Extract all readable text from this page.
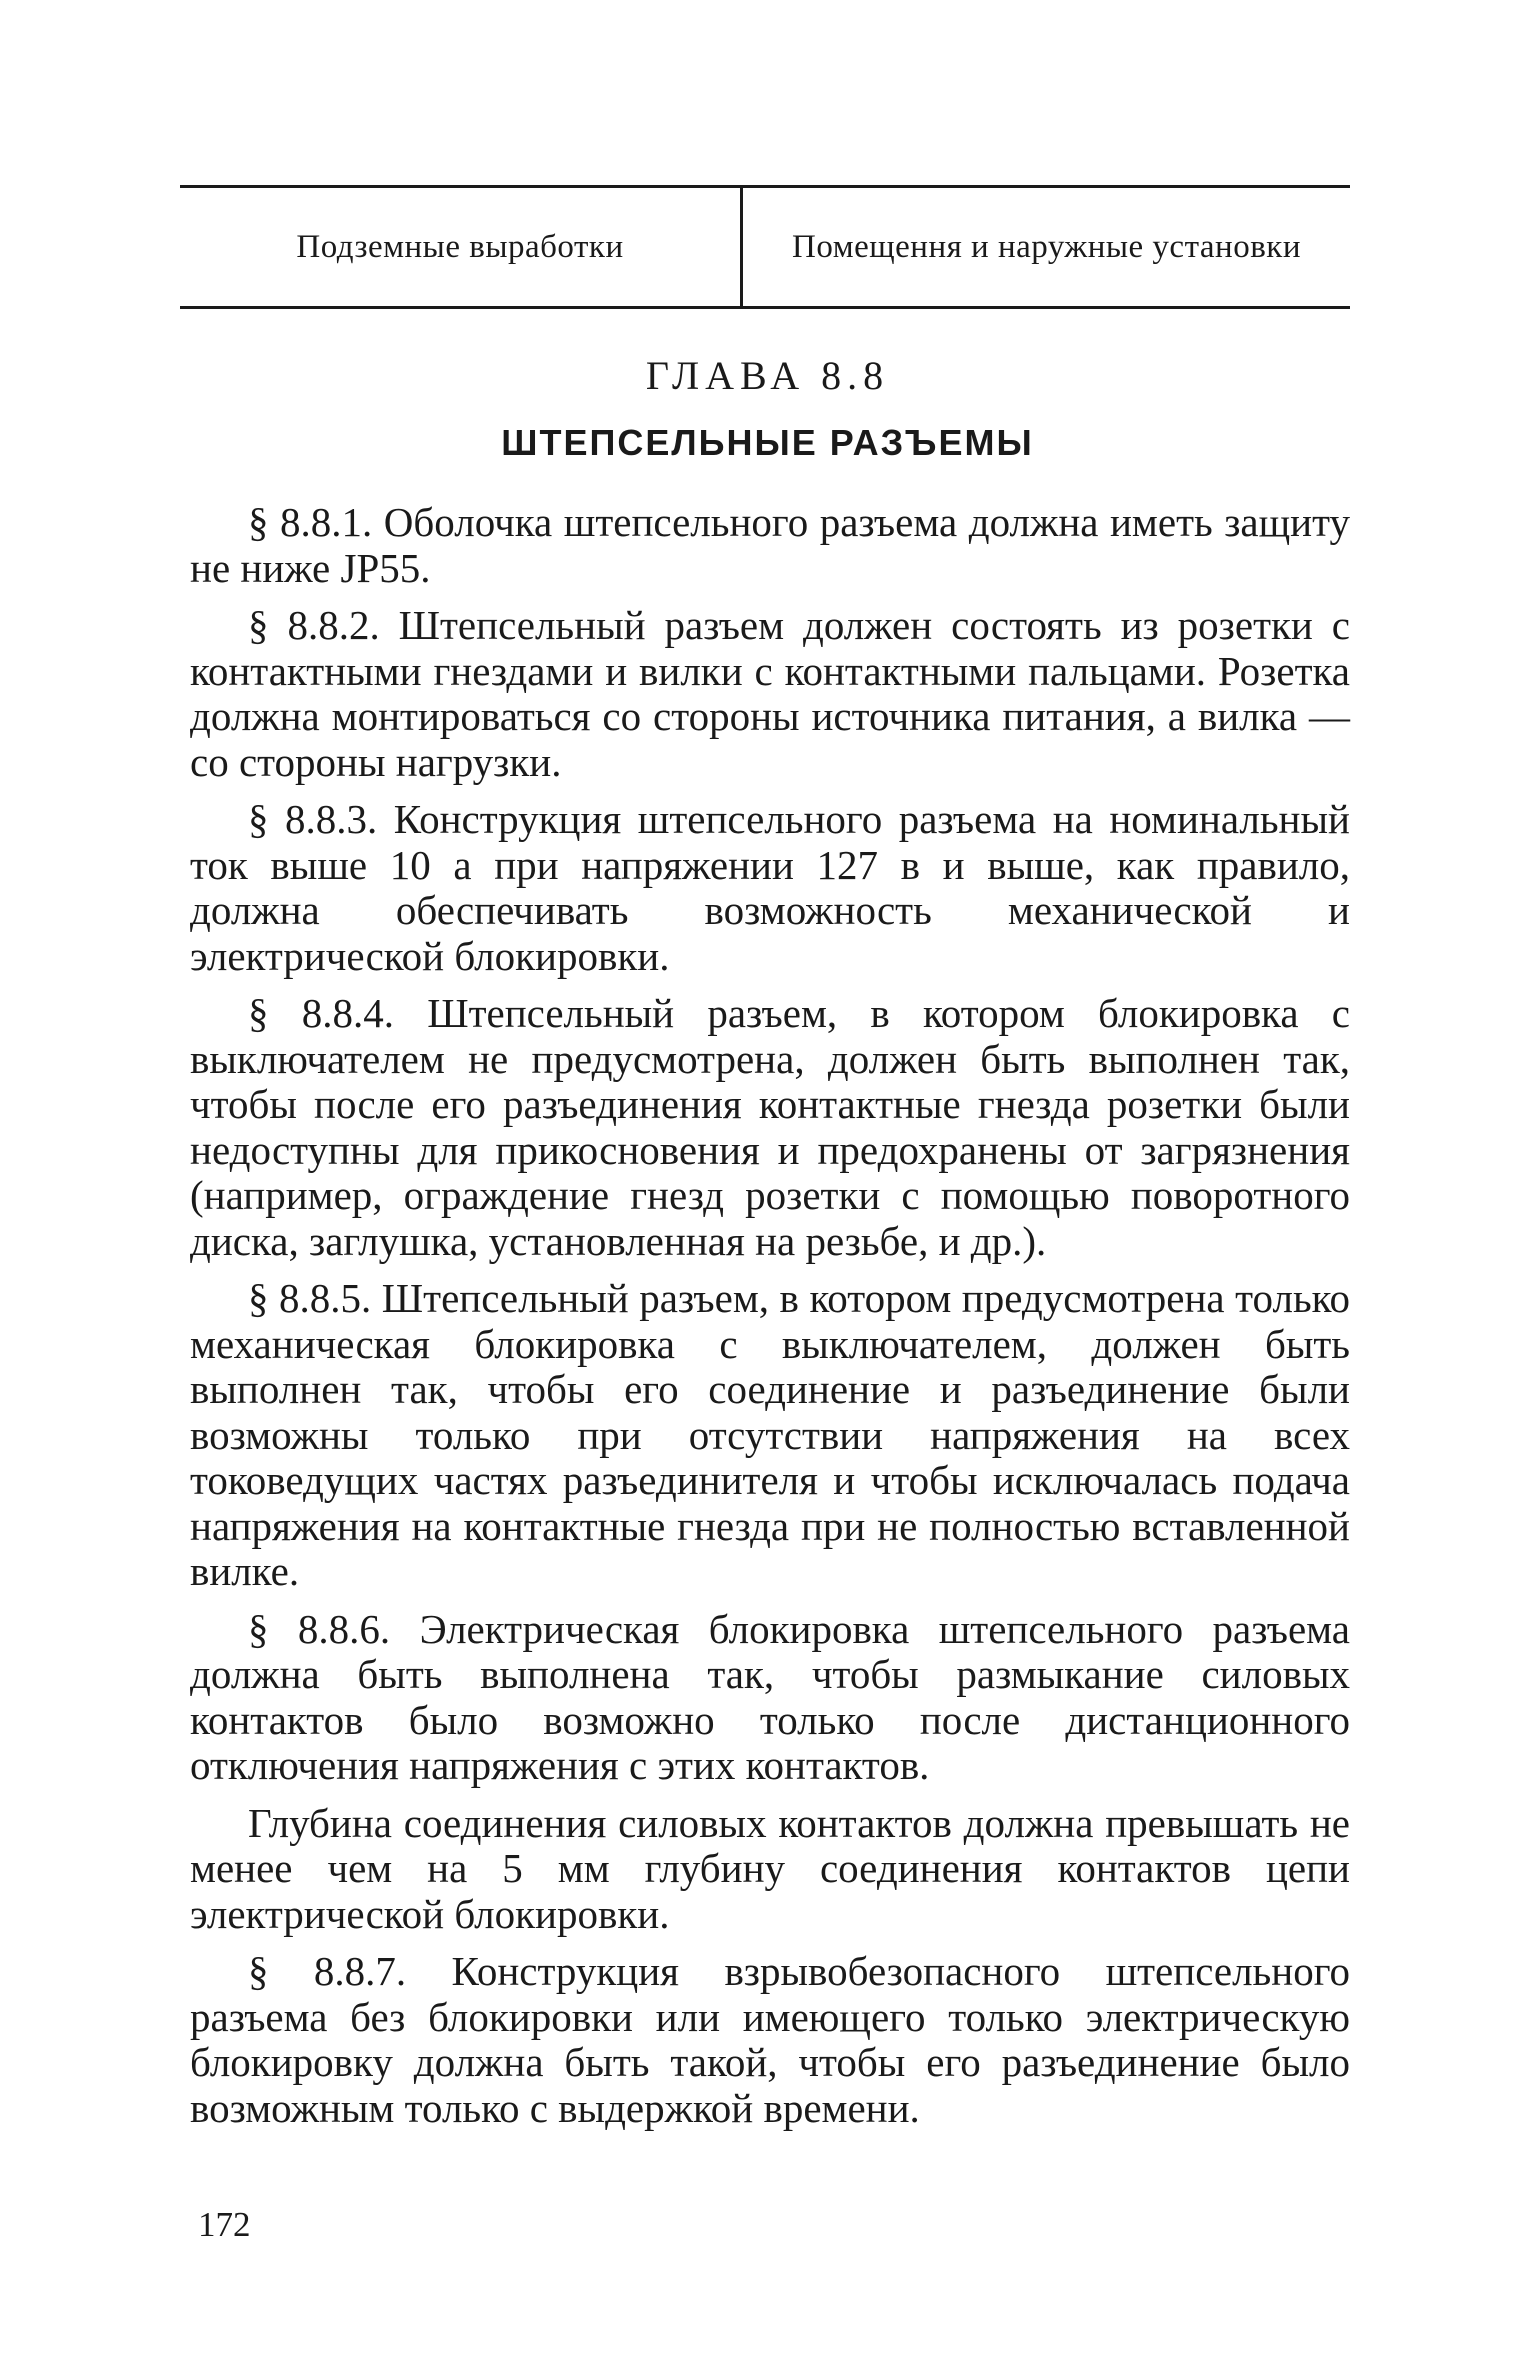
Подземные выработки	Помещення и наружные установки
ГЛАВА 8.8
ШТЕПСЕЛЬНЫЕ РАЗЪЕМЫ

§ 8.8.1. Оболочка штепсельного разъема должна иметь защиту не ниже JP55.

§ 8.8.2. Штепсельный разъем должен состоять из розетки с контактными гнездами и вилки с контактными пальцами. Розетка должна монтироваться со стороны источника питания, а вилка — со стороны нагрузки.

§ 8.8.3. Конструкция штепсельного разъема на номинальный ток выше 10 а при напряжении 127 в и выше, как правило, должна обеспечивать возможность механической и электрической блокировки.

§ 8.8.4. Штепсельный разъем, в котором блокировка с выключателем не предусмотрена, должен быть выполнен так, чтобы после его разъединения контактные гнезда розетки были недоступны для прикосновения и предохранены от загрязнения (например, ограждение гнезд розетки с помощью поворотного диска, заглушка, установленная на резьбе, и др.).

§ 8.8.5. Штепсельный разъем, в котором предусмотрена только механическая блокировка с выключателем, должен быть выполнен так, чтобы его соединение и разъединение были возможны только при отсутствии напряжения на всех токоведущих частях разъединителя и чтобы исключалась подача напряжения на контактные гнезда при не полностью вставленной вилке.

§ 8.8.6. Электрическая блокировка штепсельного разъема должна быть выполнена так, чтобы размыкание силовых контактов было возможно только после дистанционного отключения напряжения с этих контактов.

Глубина соединения силовых контактов должна превышать не менее чем на 5 мм глубину соединения контактов цепи электрической блокировки.

§ 8.8.7. Конструкция взрывобезопасного штепсельного разъема без блокировки или имеющего только электрическую блокировку должна быть такой, чтобы его разъединение было возможным только с выдержкой времени.

172
